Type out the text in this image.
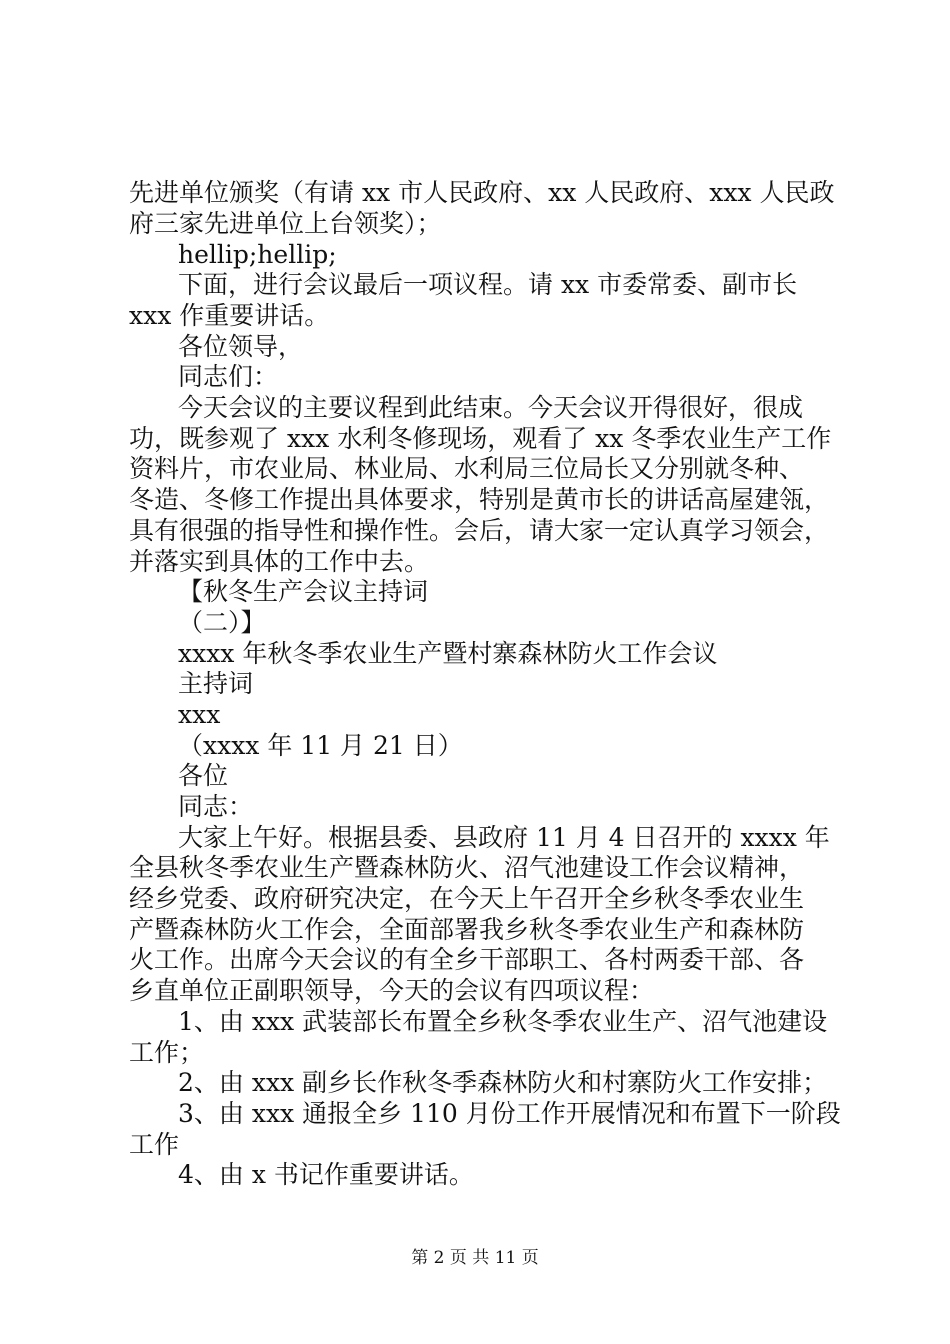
先进单位颁奖（有请 xx 市人民政府、xx 人民政府、xxx 人民政
府三家先进单位上台领奖）；
hellip;hellip;
下面，进行会议最后一项议程。请 xx 市委常委、副市长
xxx 作重要讲话。
各位领导，
同志们：
今天会议的主要议程到此结束。今天会议开得很好，很成
功，既参观了 xxx 水利冬修现场，观看了 xx 冬季农业生产工作
资料片，市农业局、林业局、水利局三位局长又分别就冬种、
冬造、冬修工作提出具体要求，特别是黄市长的讲话高屋建瓴，
具有很强的指导性和操作性。会后，请大家一定认真学习领会，
并落实到具体的工作中去。
【秋冬生产会议主持词
（二）】
xxxx 年秋冬季农业生产暨村寨森林防火工作会议
主持词
xxx
（xxxx 年 11 月 21 日）
各位
同志：
大家上午好。根据县委、县政府 11 月 4 日召开的 xxxx 年
全县秋冬季农业生产暨森林防火、沼气池建设工作会议精神，
经乡党委、政府研究决定，在今天上午召开全乡秋冬季农业生
产暨森林防火工作会，全面部署我乡秋冬季农业生产和森林防
火工作。出席今天会议的有全乡干部职工、各村两委干部、各
乡直单位正副职领导，今天的会议有四项议程：
1、由 xxx 武装部长布置全乡秋冬季农业生产、沼气池建设
工作；
2、由 xxx 副乡长作秋冬季森林防火和村寨防火工作安排；
3、由 xxx 通报全乡 110 月份工作开展情况和布置下一阶段
工作
4、由 x 书记作重要讲话。
第 2 页 共 11 页
